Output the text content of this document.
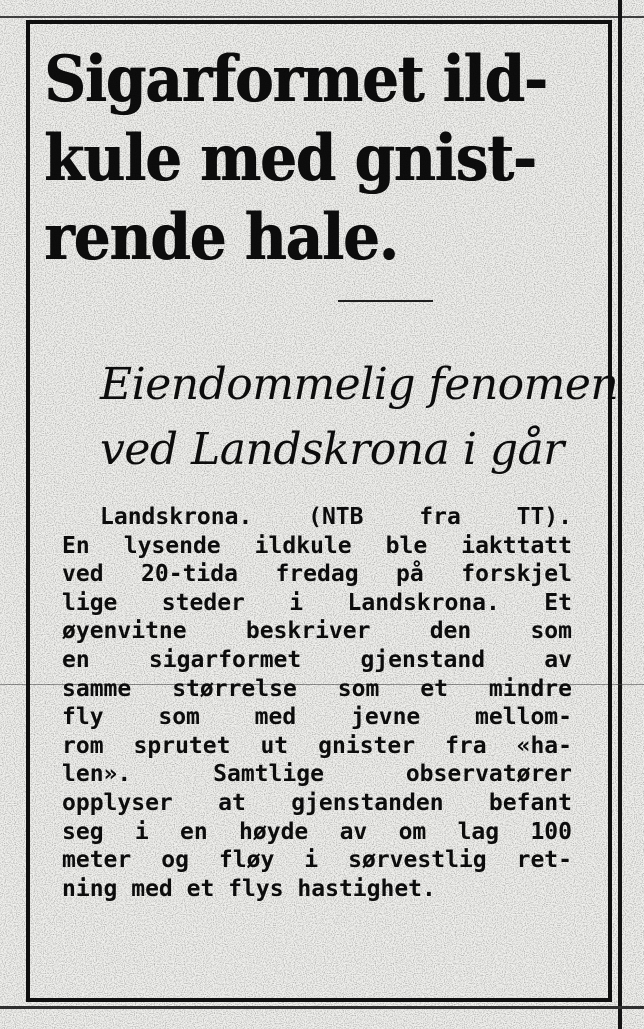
Sigarformet ild-
kule med gnist-
rende hale.
Eiendommelig fenomen
ved Landskrona i går
Landskrona. (NTB fra TT).
En lysende ildkule ble iakttatt
ved 20-tida fredag på forskjel
lige steder i Landskrona. Et
øyenvitne beskriver den som
en sigarformet gjenstand av
samme størrelse som et mindre
fly som med jevne mellom-
rom sprutet ut gnister fra «ha-
len». Samtlige observatører
opplyser at gjenstanden befant
seg i en høyde av om lag 100
meter og fløy i sørvestlig ret-
ning med et flys hastighet.
